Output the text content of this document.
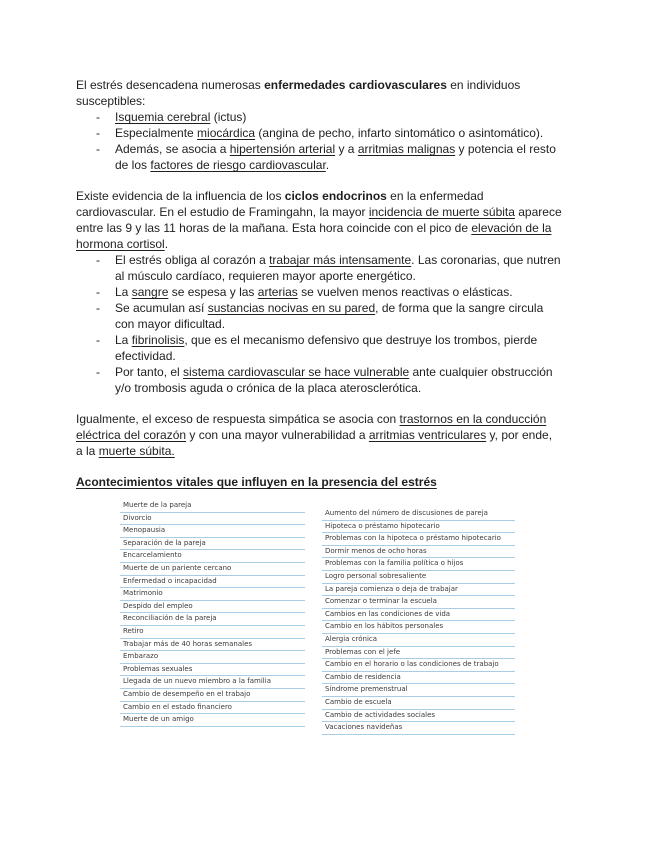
El estrés desencadena numerosas enfermedades cardiovasculares en individuos susceptibles:

- Isquemia cerebral (ictus)
- Especialmente miocárdica (angina de pecho, infarto sintomático o asintomático).
- Además, se asocia a hipertensión arterial y a arritmias malignas y potencia el resto de los factores de riesgo cardiovascular.

Existe evidencia de la influencia de los ciclos endocrinos en la enfermedad cardiovascular. En el estudio de Framingahn, la mayor incidencia de muerte súbita aparece entre las 9 y las 11 horas de la mañana. Esta hora coincide con el pico de elevación de la hormona cortisol.

- El estrés obliga al corazón a trabajar más intensamente. Las coronarias, que nutren al músculo cardíaco, requieren mayor aporte energético.
- La sangre se espesa y las arterias se vuelven menos reactivas o elásticas.
- Se acumulan así sustancias nocivas en su pared, de forma que la sangre circula con mayor dificultad.
- La fibrinolisis, que es el mecanismo defensivo que destruye los trombos, pierde efectividad.
- Por tanto, el sistema cardiovascular se hace vulnerable ante cualquier obstrucción y/o trombosis aguda o crónica de la placa aterosclerótica.

Igualmente, el exceso de respuesta simpática se asocia con trastornos en la conducción eléctrica del corazón y con una mayor vulnerabilidad a arritmias ventriculares y, por ende, a la muerte súbita.

Acontecimientos vitales que influyen en la presencia del estrés

Muerte de la pareja
Divorcio
Menopausia
Separación de la pareja
Encarcelamiento
Muerte de un pariente cercano
Enfermedad o incapacidad
Matrimonio
Despido del empleo
Reconciliación de la pareja
Retiro
Trabajar más de 40 horas semanales
Embarazo
Problemas sexuales
Llegada de un nuevo miembro a la familia
Cambio de desempeño en el trabajo
Cambio en el estado financiero
Muerte de un amigo
Aumento del número de discusiones de pareja
Hipoteca o préstamo hipotecario
Problemas con la hipoteca o préstamo hipotecario
Dormir menos de ocho horas
Problemas con la familia política o hijos
Logro personal sobresaliente
La pareja comienza o deja de trabajar
Comenzar o terminar la escuela
Cambios en las condiciones de vida
Cambio en los hábitos personales
Alergia crónica
Problemas con el jefe
Cambio en el horario o las condiciones de trabajo
Cambio de residencia
Síndrome premenstrual
Cambio de escuela
Cambio de actividades sociales
Vacaciones navideñas
